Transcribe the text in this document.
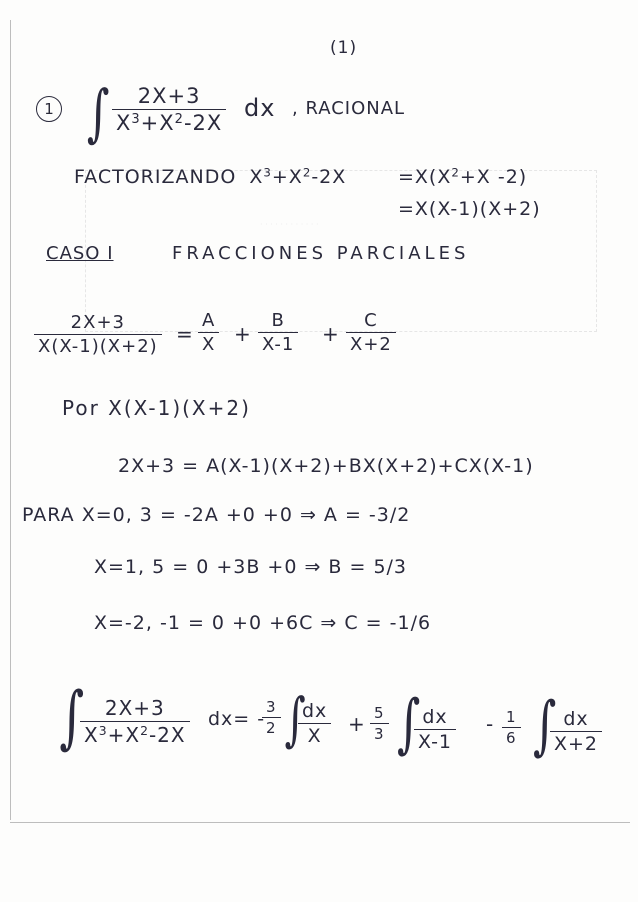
· · · · · · · · · · · ·
(1)
1 ∫ 2X+3
$X^3+X^2-2X$
dx , RACIONAL
FACTORIZANDO $X^3+X^2-2X$	$=X(X^2+X$ -2)
=X(X-1)(X+2)
CASO I	FRACCIONES PARCIALES
2X+3
X(X-1)(X+2)
=
A
X +
B
X-1 +
C
X+2
Por X(X-1)(X+2)
2X+3 = A(X-1)(X+2)+BX(X+2)+CX(X-1)
PARA X=0, 3 = -2A +0 +0 ⇒ A = -3/2
X=1, 5 = 0 +3B +0 ⇒ B = 5/3
X=-2, -1 = 0 +0 +6C ⇒ C = -1/6
∫ 2X+3
$X^3+X^2-2X$
dx= -
3
2 ∫
dx
X + 5
3 ∫ dx
X-1
- 1
6 ∫ dx
X+2
